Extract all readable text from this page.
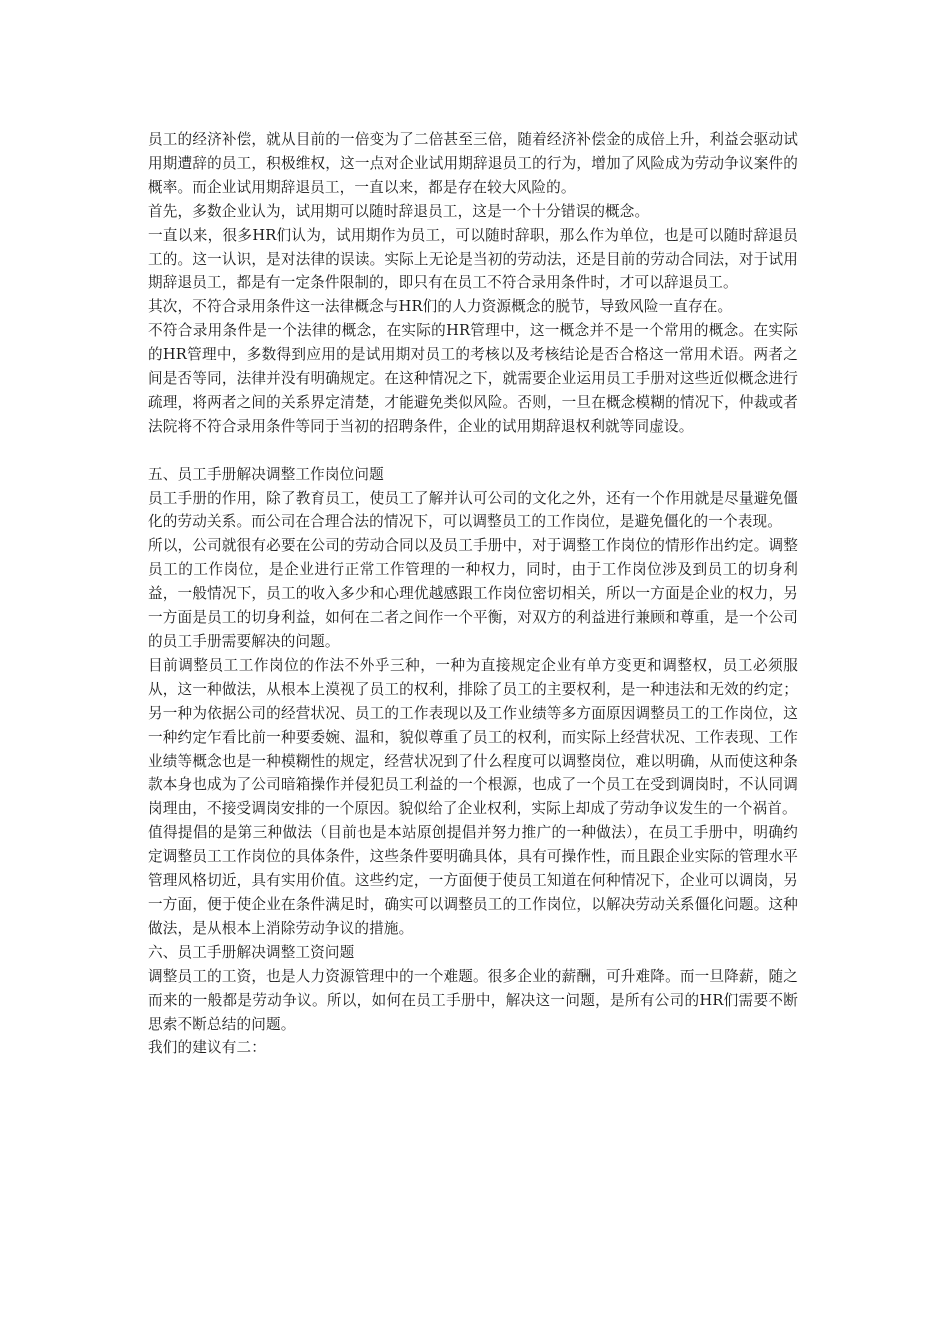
员工的经济补偿，就从目前的一倍变为了二倍甚至三倍，随着经济补偿金的成倍上升，利益会驱动试用期遭辞的员工，积极维权，这一点对企业试用期辞退员工的行为，增加了风险成为劳动争议案件的概率。而企业试用期辞退员工，一直以来，都是存在较大风险的。

首先，多数企业认为，试用期可以随时辞退员工，这是一个十分错误的概念。

一直以来，很多HR们认为，试用期作为员工，可以随时辞职，那么作为单位，也是可以随时辞退员工的。这一认识，是对法律的误读。实际上无论是当初的劳动法，还是目前的劳动合同法，对于试用期辞退员工，都是有一定条件限制的，即只有在员工不符合录用条件时，才可以辞退员工。

其次，不符合录用条件这一法律概念与HR们的人力资源概念的脱节，导致风险一直存在。

不符合录用条件是一个法律的概念，在实际的HR管理中，这一概念并不是一个常用的概念。在实际的HR管理中，多数得到应用的是试用期对员工的考核以及考核结论是否合格这一常用术语。两者之间是否等同，法律并没有明确规定。在这种情况之下，就需要企业运用员工手册对这些近似概念进行疏理，将两者之间的关系界定清楚，才能避免类似风险。否则，一旦在概念模糊的情况下，仲裁或者法院将不符合录用条件等同于当初的招聘条件，企业的试用期辞退权利就等同虚设。

五、员工手册解决调整工作岗位问题

员工手册的作用，除了教育员工，使员工了解并认可公司的文化之外，还有一个作用就是尽量避免僵化的劳动关系。而公司在合理合法的情况下，可以调整员工的工作岗位，是避免僵化的一个表现。

所以，公司就很有必要在公司的劳动合同以及员工手册中，对于调整工作岗位的情形作出约定。调整员工的工作岗位，是企业进行正常工作管理的一种权力，同时，由于工作岗位涉及到员工的切身利益，一般情况下，员工的收入多少和心理优越感跟工作岗位密切相关，所以一方面是企业的权力，另一方面是员工的切身利益，如何在二者之间作一个平衡，对双方的利益进行兼顾和尊重，是一个公司的员工手册需要解决的问题。

目前调整员工工作岗位的作法不外乎三种，一种为直接规定企业有单方变更和调整权，员工必须服从，这一种做法，从根本上漠视了员工的权利，排除了员工的主要权利，是一种违法和无效的约定；另一种为依据公司的经营状况、员工的工作表现以及工作业绩等多方面原因调整员工的工作岗位，这一种约定乍看比前一种要委婉、温和，貌似尊重了员工的权利，而实际上经营状况、工作表现、工作业绩等概念也是一种模糊性的规定，经营状况到了什么程度可以调整岗位，难以明确，从而使这种条款本身也成为了公司暗箱操作并侵犯员工利益的一个根源，也成了一个员工在受到调岗时，不认同调岗理由，不接受调岗安排的一个原因。貌似给了企业权利，实际上却成了劳动争议发生的一个祸首。

值得提倡的是第三种做法（目前也是本站原创提倡并努力推广的一种做法），在员工手册中，明确约定调整员工工作岗位的具体条件，这些条件要明确具体，具有可操作性，而且跟企业实际的管理水平管理风格切近，具有实用价值。这些约定，一方面便于使员工知道在何种情况下，企业可以调岗，另一方面，便于使企业在条件满足时，确实可以调整员工的工作岗位，以解决劳动关系僵化问题。这种做法，是从根本上消除劳动争议的措施。

六、员工手册解决调整工资问题

调整员工的工资，也是人力资源管理中的一个难题。很多企业的薪酬，可升难降。而一旦降薪，随之而来的一般都是劳动争议。所以，如何在员工手册中，解决这一问题，是所有公司的HR们需要不断思索不断总结的问题。

我们的建议有二：
